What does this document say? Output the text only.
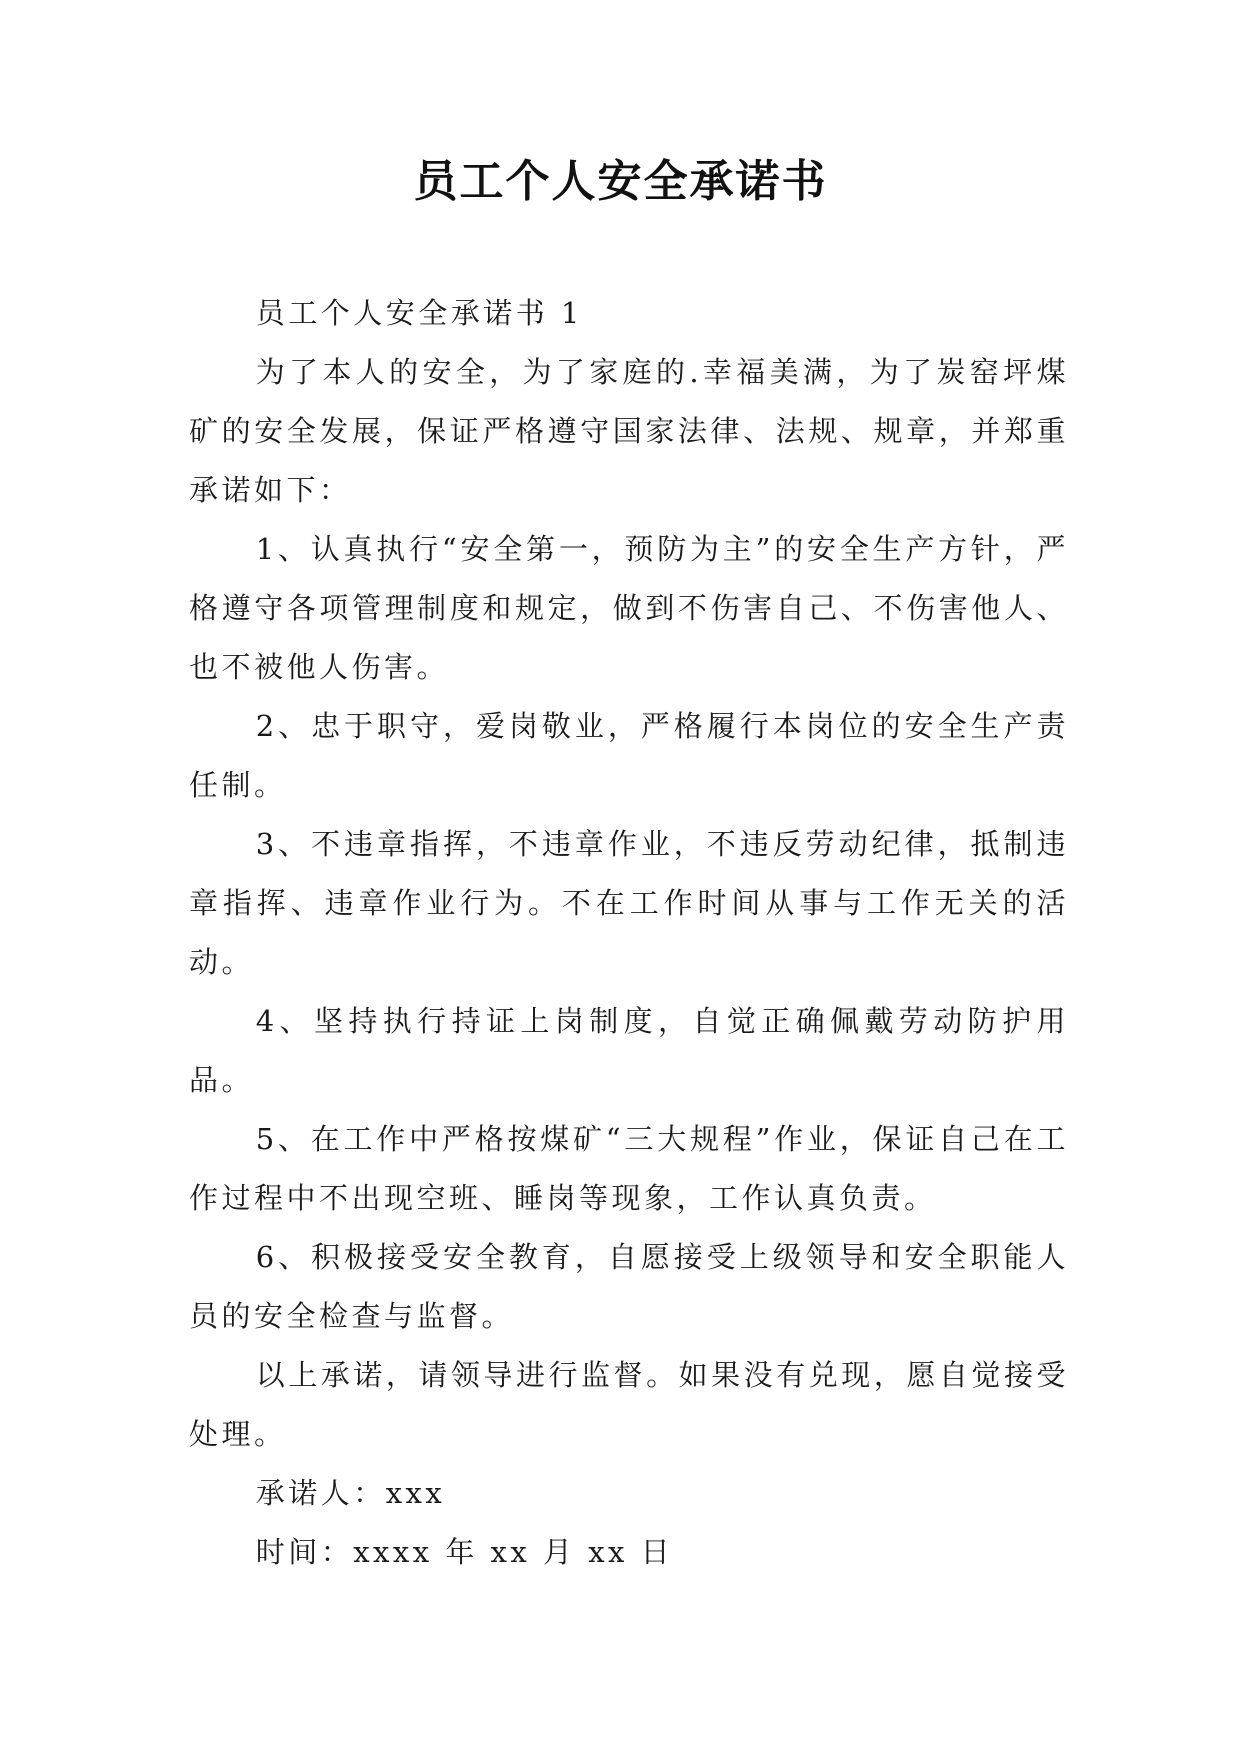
员工个人安全承诺书

员工个人安全承诺书 1

为了本人的安全，为了家庭的.幸福美满，为了炭窑坪煤矿的安全发展，保证严格遵守国家法律、法规、规章，并郑重承诺如下：

1、认真执行“安全第一，预防为主”的安全生产方针，严格遵守各项管理制度和规定，做到不伤害自己、不伤害他人、也不被他人伤害。

2、忠于职守，爱岗敬业，严格履行本岗位的安全生产责任制。

3、不违章指挥，不违章作业，不违反劳动纪律，抵制违章指挥、违章作业行为。不在工作时间从事与工作无关的活动。

4、坚持执行持证上岗制度，自觉正确佩戴劳动防护用品。

5、在工作中严格按煤矿“三大规程”作业，保证自己在工作过程中不出现空班、睡岗等现象，工作认真负责。

6、积极接受安全教育，自愿接受上级领导和安全职能人员的安全检查与监督。

以上承诺，请领导进行监督。如果没有兑现，愿自觉接受处理。

承诺人：xxx

时间：xxxx 年 xx 月 xx 日
